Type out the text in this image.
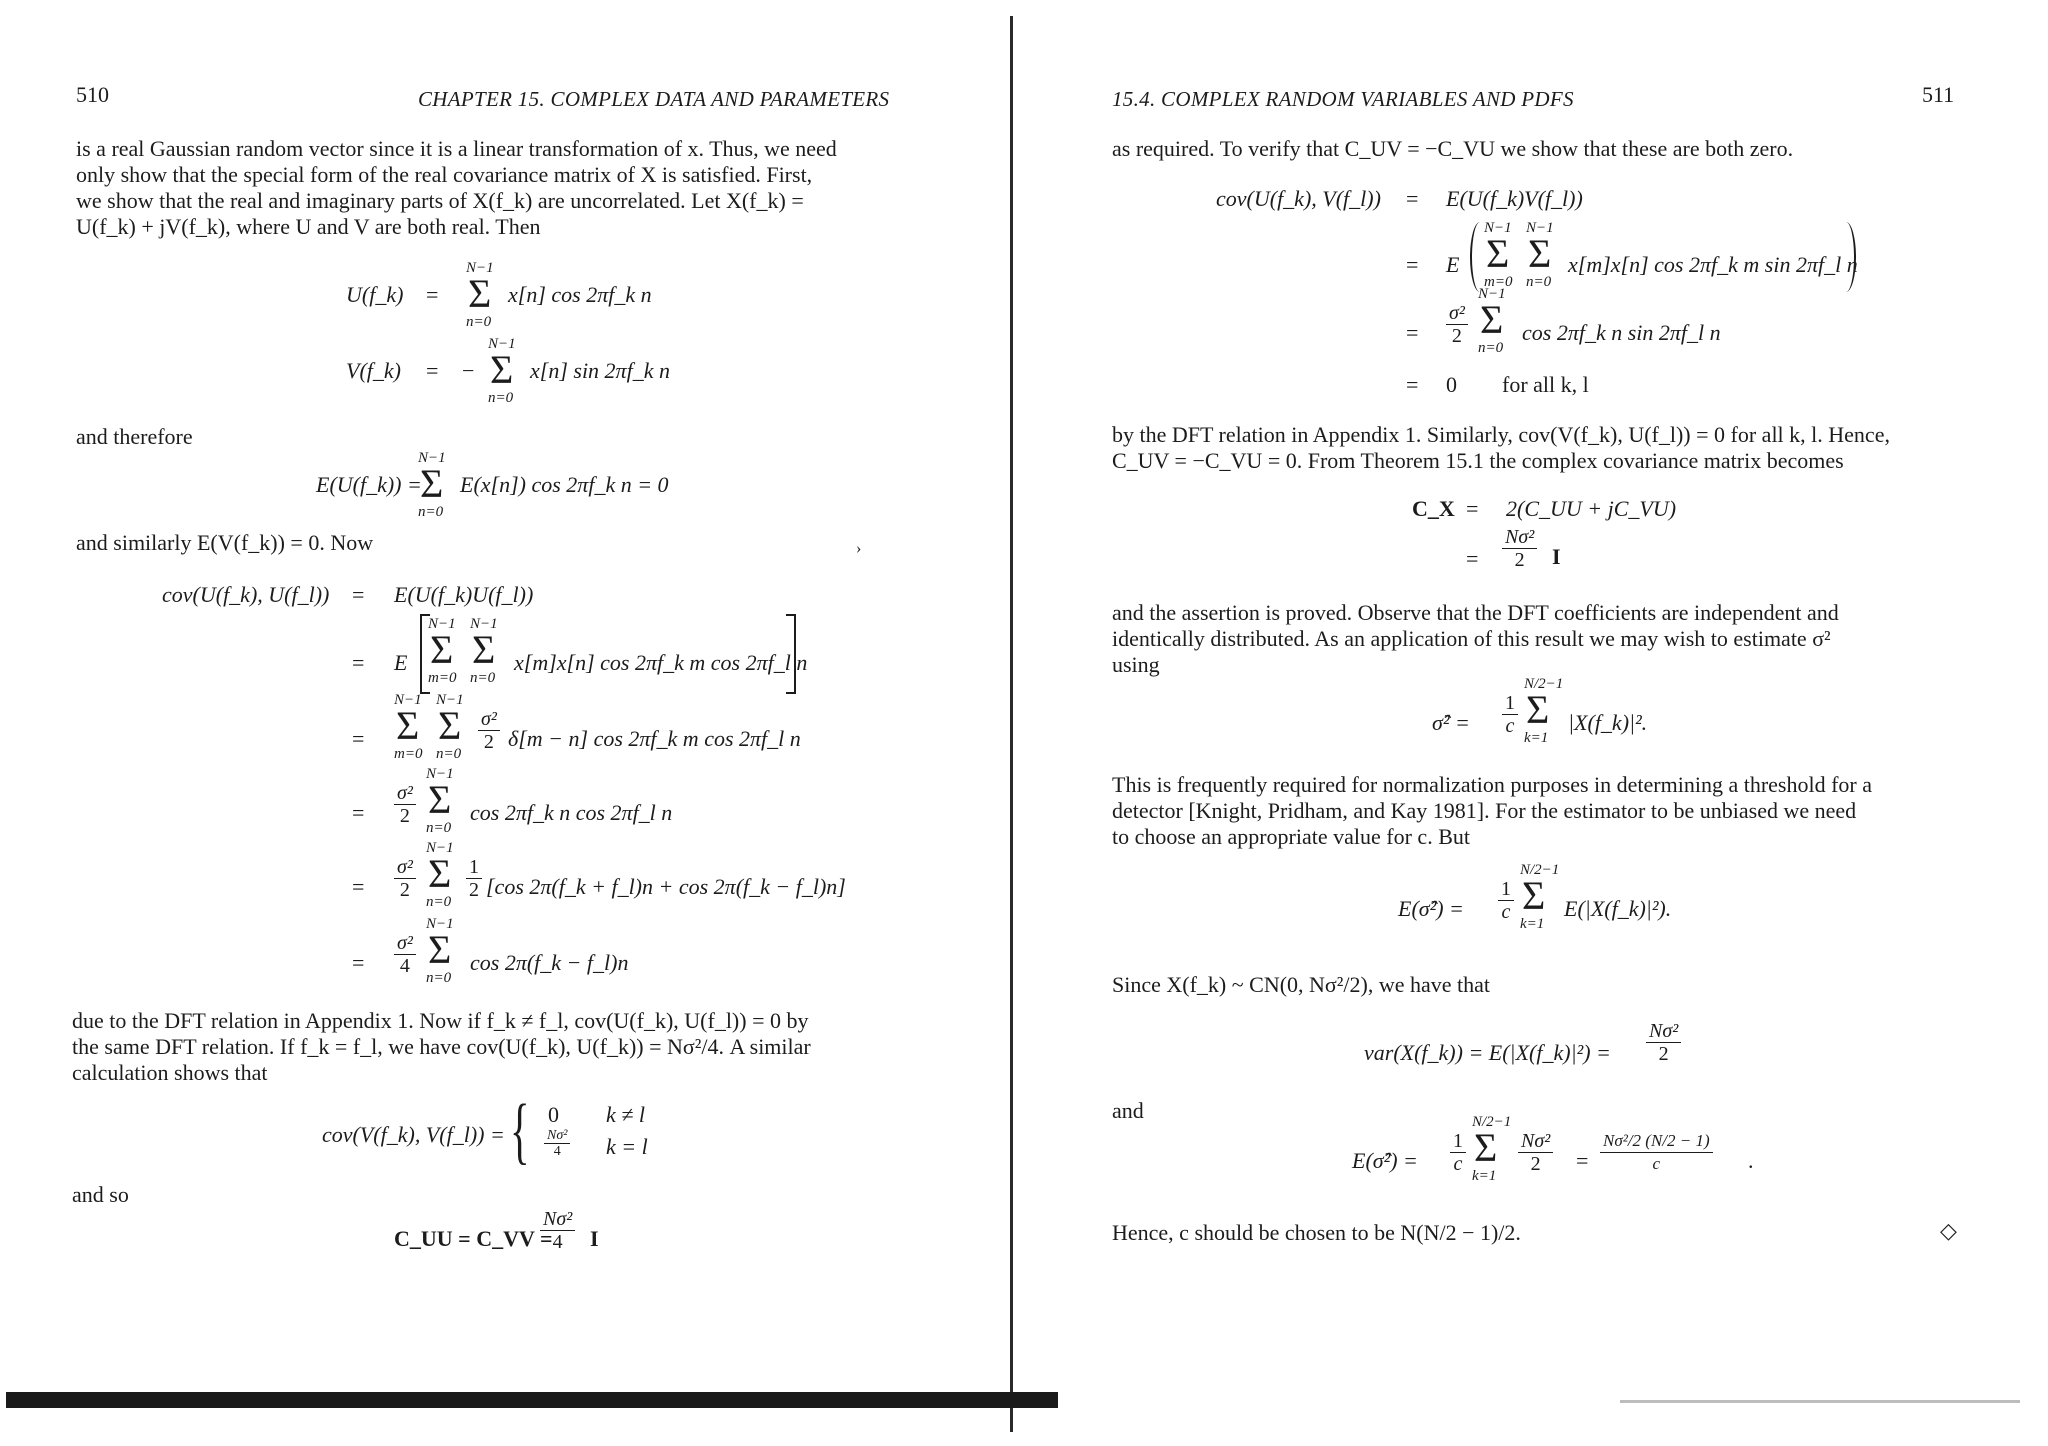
510	CHAPTER 15. COMPLEX DATA AND PARAMETERS
is a real Gaussian random vector since it is a linear transformation of x. Thus, we need
only show that the special form of the real covariance matrix of X is satisfied. First,
we show that the real and imaginary parts of X(f_k) are uncorrelated. Let X(f_k) =
U(f_k) + jV(f_k), where U and V are both real. Then
U(f_k) =
N−1
Σ
n=0
x[n] cos 2πf_k n
V(f_k) = −
N−1
Σ
n=0
x[n] sin 2πf_k n
and therefore
E(U(f_k)) =
N−1
Σ
n=0
E(x[n]) cos 2πf_k n = 0
and similarly E(V(f_k)) = 0. Now	›
cov(U(f_k), U(f_l)) = E(U(f_k)U(f_l))
= E
N−1
Σ
m=0
N−1
Σ
n=0
x[m]x[n] cos 2πf_k m cos 2πf_l n
=
N−1
Σ
m=0
N−1
Σ
n=0
$\frac{\text{σ²}}{2} \delta[m - n]$ cos 2πf_k m cos 2πf_l n
= $\frac{\text{σ²}}{2}$
N−1
Σ
n=0
cos 2πf_k n cos 2πf_l n
= $\frac{\text{σ²}}{2}$
N−1
Σ
n=0
$\frac{1}{2} [\cos$ 2π(f_k + f_l)n + cos 2π(f_k − f_l)n]
= $\frac{\text{σ²}}{4}$
N−1
Σ
n=0
cos 2π(f_k − f_l)n
due to the DFT relation in Appendix 1. Now if f_k ≠ f_l, cov(U(f_k), U(f_l)) = 0 by
the same DFT relation. If f_k = f_l, we have cov(U(f_k), U(f_k)) = Nσ²/4. A similar
calculation shows that
cov(V(f_k), V(f_l)) = { 0 k ≠ l
$\frac{\text{Nσ²}}{4}$ k = l
and so
C_UU = C_VV =
$\frac{\text{Nσ²}}{4}$ I
15.4. COMPLEX RANDOM VARIABLES AND PDFS	511
as required. To verify that C_UV = −C_VU we show that these are both zero.
cov(U(f_k), V(f_l)) = E(U(f_k)V(f_l))
= E
N−1
Σ
m=0
N−1
Σ
n=0
x[m]x[n] cos 2πf_k m sin 2πf_l n
= $\frac{\text{σ²}}{2}$
N−1
Σ
n=0
cos 2πf_k n sin 2πf_l n
= 0 for all k, l
by the DFT relation in Appendix 1. Similarly, cov(V(f_k), U(f_l)) = 0 for all k, l. Hence,
C_UV = −C_VU = 0. From Theorem 15.1 the complex covariance matrix becomes
C_X = 2(C_UU + jC_VU)
= $\frac{\text{Nσ²}}{2}$ I
and the assertion is proved. Observe that the DFT coefficients are independent and
identically distributed. As an application of this result we may wish to estimate σ²
using
σ̂² = $\frac{1}{c}$
N/2−1
Σ
k=1
|X(f_k)|².
This is frequently required for normalization purposes in determining a threshold for a
detector [Knight, Pridham, and Kay 1981]. For the estimator to be unbiased we need
to choose an appropriate value for c. But
E(σ̂²) = $\frac{1}{c}$
N/2−1
Σ
k=1
E(|X(f_k)|²).
Since X(f_k) ~ CN(0, Nσ²/2), we have that
var(X(f_k)) = E(|X(f_k)|²) = $\frac{\text{Nσ²}}{2}$
and
E(σ̂²) = $\frac{1}{c}$
N/2−1
Σ
k=1
$\frac{\text{Nσ²}}{2} = \frac{\text{Nσ²/2 (N/2 − 1)}}{c}$ .
Hence, c should be chosen to be N(N/2 − 1)/2.	◇
